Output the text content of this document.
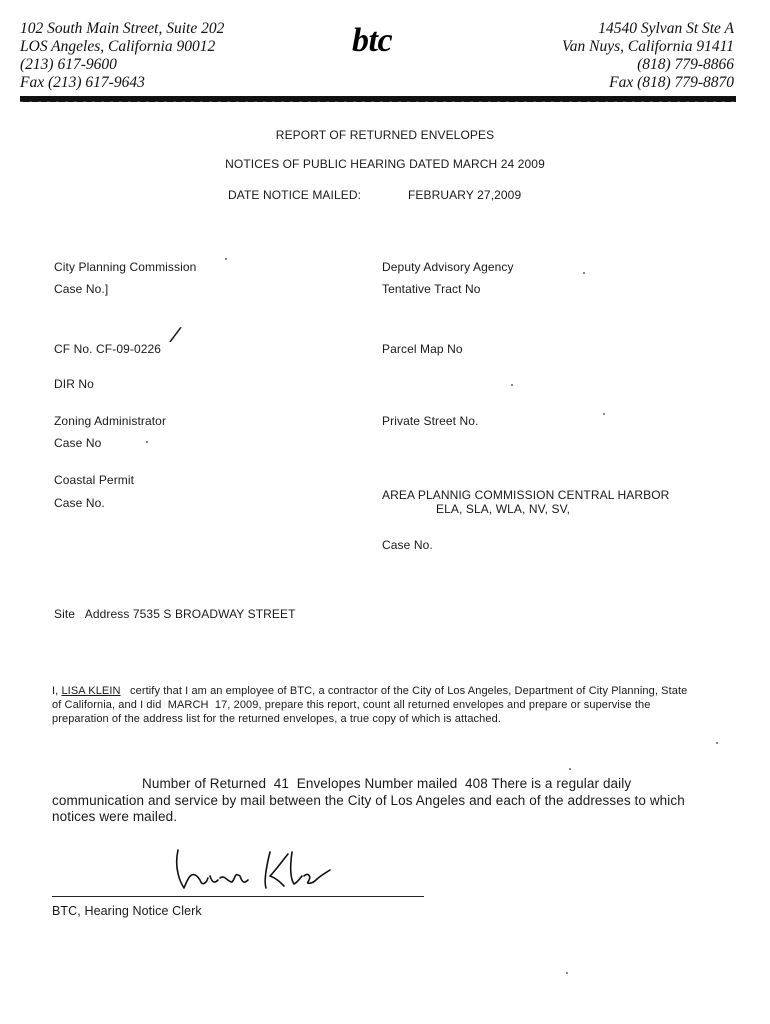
102 South Main Street, Suite 202
LOS Angeles, California 90012
(213) 617-9600
Fax (213) 617-9643
btc	14540 Sylvan St Ste A
Van Nuys, California 91411
(818) 779-8866
Fax (818) 779-8870
REPORT OF RETURNED ENVELOPES
NOTICES OF PUBLIC HEARING DATED MARCH 24 2009
DATE NOTICE MAILED:	FEBRUARY 27,2009
City Planning Commission
Case No.]
CF No. CF-09-0226
/
DIR No
Zoning Administrator
Case No
Coastal Permit
Case No.
Deputy Advisory Agency
Tentative Tract No
Parcel Map No
Private Street No.
AREA PLANNIG COMMISSION CENTRAL HARBOR
ELA, SLA, WLA, NV, SV,
Case No.
Site   Address 7535 S BROADWAY STREET
I, LISA KLEIN   certify that I am an employee of BTC, a contractor of the City of Los Angeles, Department of City Planning, State of California, and I did  MARCH  17, 2009, prepare this report, count all returned envelopes and prepare or supervise the preparation of the address list for the returned envelopes, a true copy of which is attached.
Number of Returned  41  Envelopes Number mailed  408 There is a regular daily communication and service by mail between the City of Los Angeles and each of the addresses to which notices were mailed.
BTC, Hearing Notice Clerk
